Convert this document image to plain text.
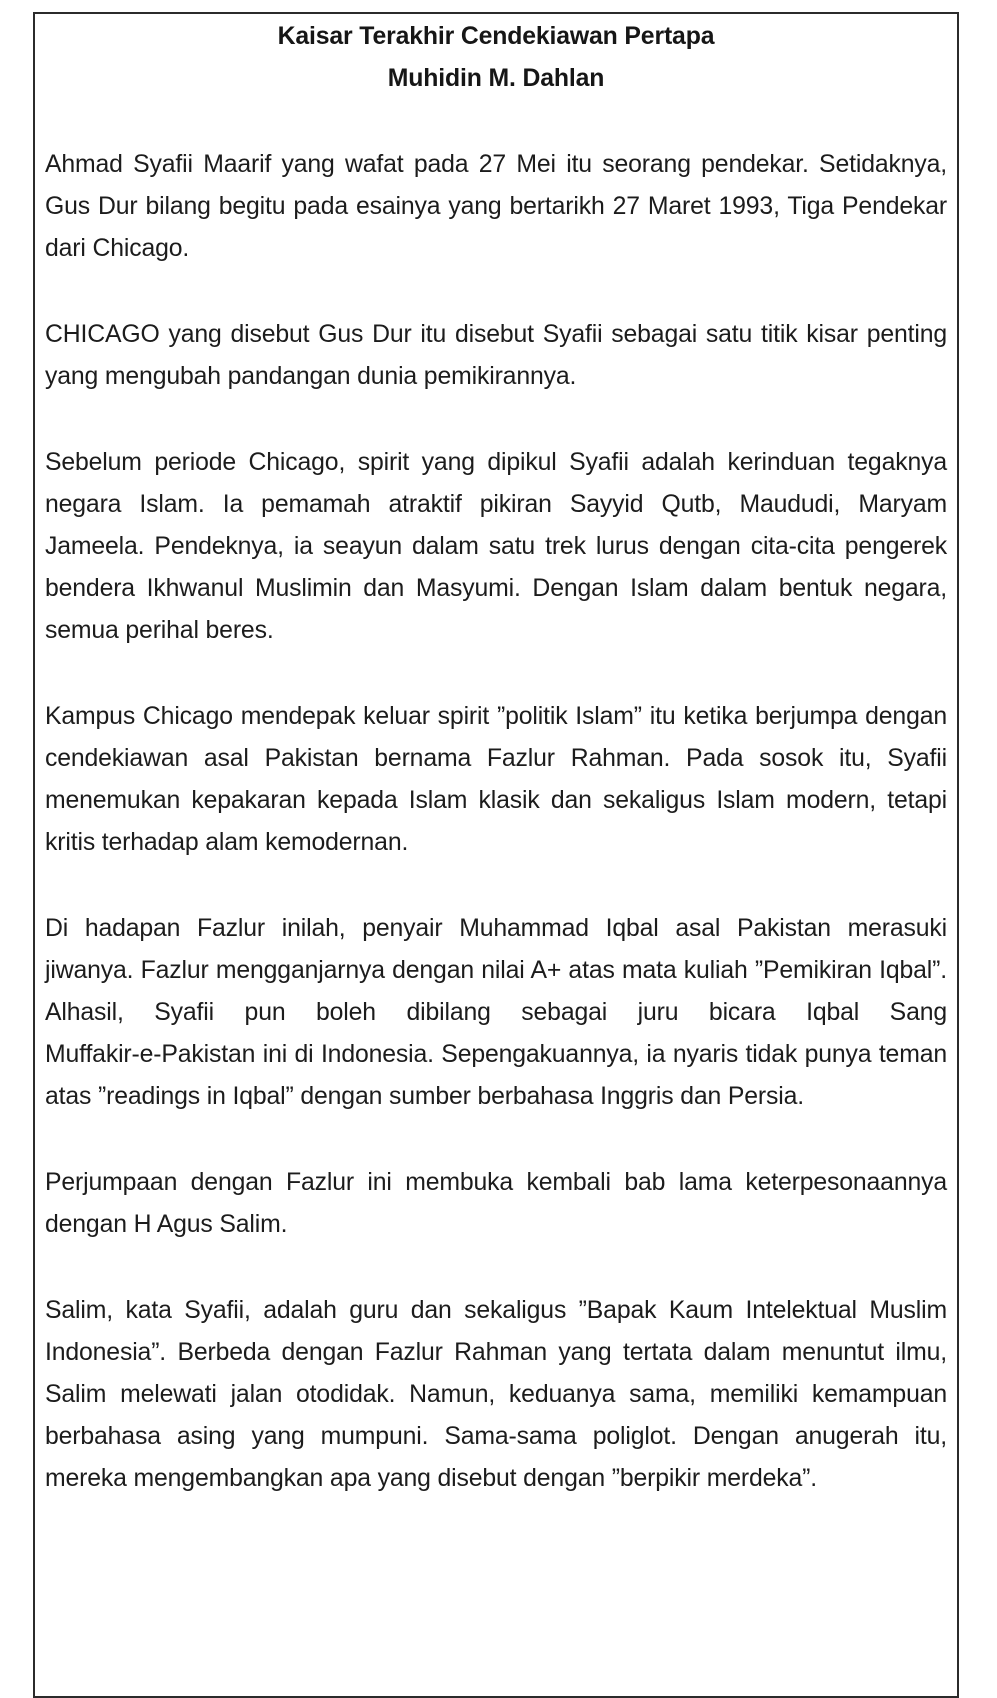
Kaisar Terakhir Cendekiawan Pertapa
Muhidin M. Dahlan

Ahmad Syafii Maarif yang wafat pada 27 Mei itu seorang pendekar. Setidaknya, Gus Dur bilang begitu pada esainya yang bertarikh 27 Maret 1993, Tiga Pendekar dari Chicago.

CHICAGO yang disebut Gus Dur itu disebut Syafii sebagai satu titik kisar penting yang mengubah pandangan dunia pemikirannya.

Sebelum periode Chicago, spirit yang dipikul Syafii adalah kerinduan tegaknya negara Islam. Ia pemamah atraktif pikiran Sayyid Qutb, Maududi, Maryam Jameela. Pendeknya, ia seayun dalam satu trek lurus dengan cita-cita pengerek bendera Ikhwanul Muslimin dan Masyumi. Dengan Islam dalam bentuk negara, semua perihal beres.

Kampus Chicago mendepak keluar spirit ”politik Islam” itu ketika berjumpa dengan cendekiawan asal Pakistan bernama Fazlur Rahman. Pada sosok itu, Syafii menemukan kepakaran kepada Islam klasik dan sekaligus Islam modern, tetapi kritis terhadap alam kemodernan.

Di hadapan Fazlur inilah, penyair Muhammad Iqbal asal Pakistan merasuki jiwanya. Fazlur mengganjarnya dengan nilai A+ atas mata kuliah ”Pemikiran Iqbal”. Alhasil, Syafii pun boleh dibilang sebagai juru bicara Iqbal Sang Muffakir‑e‑Pakistan ini di Indonesia. Sepengakuannya, ia nyaris tidak punya teman atas ”readings in Iqbal” dengan sumber berbahasa Inggris dan Persia.

Perjumpaan dengan Fazlur ini membuka kembali bab lama keterpesonaannya dengan H Agus Salim.

Salim, kata Syafii, adalah guru dan sekaligus ”Bapak Kaum Intelektual Muslim Indonesia”. Berbeda dengan Fazlur Rahman yang tertata dalam menuntut ilmu, Salim melewati jalan otodidak. Namun, keduanya sama, memiliki kemampuan berbahasa asing yang mumpuni. Sama-sama poliglot. Dengan anugerah itu, mereka mengembangkan apa yang disebut dengan ”berpikir merdeka”.
